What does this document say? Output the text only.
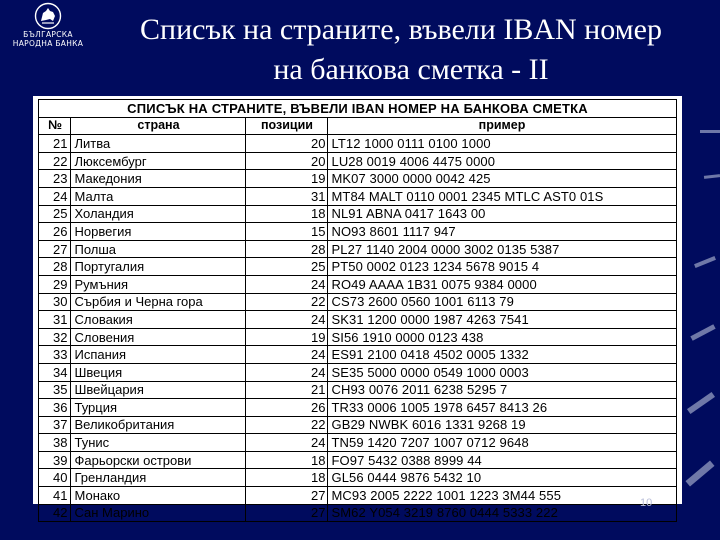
БЪЛГАРСКА
НАРОДНА БАНКА	Списък на страните, въвели IBAN номер
на банкова сметка - II
СПИСЪК НА СТРАНИТЕ, ВЪВЕЛИ IBAN НОМЕР НА БАНКОВА СМЕТКА			
№	страна	позиции	пример
21	Литва	20	LT12 1000 0111 0100 1000
22	Люксембург	20	LU28 0019 4006 4475 0000
23	Македония	19	MK07 3000 0000 0042 425
24	Малта	31	MT84 MALT 0110 0001 2345 MTLC AST0 01S
25	Холандия	18	NL91 ABNA 0417 1643 00
26	Норвегия	15	NO93 8601 1117 947
27	Полша	28	PL27 1140 2004 0000 3002 0135 5387
28	Португалия	25	PT50 0002 0123 1234 5678 9015 4
29	Румъния	24	RO49 AAAA 1B31 0075 9384 0000
30	Сърбия и Черна гора	22	CS73 2600 0560 1001 6113 79
31	Словакия	24	SK31 1200 0000 1987 4263 7541
32	Словения	19	SI56 1910 0000 0123 438
33	Испания	24	ES91 2100 0418 4502 0005 1332
34	Швеция	24	SE35 5000 0000 0549 1000 0003
35	Швейцария	21	CH93 0076 2011 6238 5295 7
36	Турция	26	TR33 0006 1005 1978 6457 8413 26
37	Великобритания	22	GB29 NWBK 6016 1331 9268 19
38	Тунис	24	TN59 1420 7207 1007 0712 9648
39	Фарьорски острови	18	FO97 5432 0388 8999 44
40	Гренландия	18	GL56 0444 9876 5432 10
41	Монако	27	MC93 2005 2222 1001 1223 3M44 555
42	Сан Марино	27	SM62 Y054 3219 8760 0444 5333 222
10
